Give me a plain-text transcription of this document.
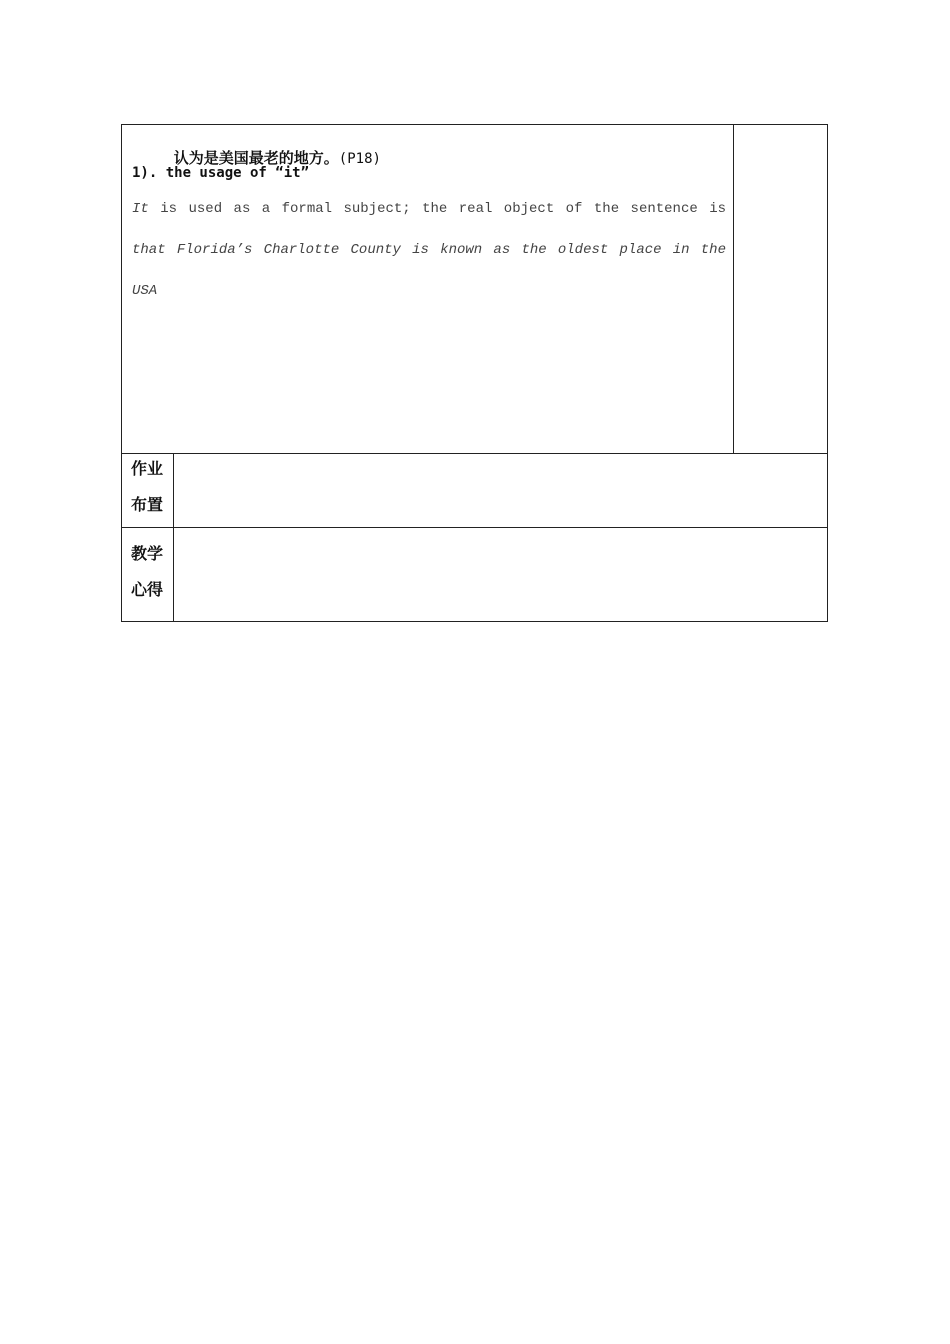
认为是美国最老的地方。(P18)

1). the usage of “it”
It is used as a formal subject; the real object of the sentence is
that Florida’s Charlotte County is known as the oldest place in the
USA
作业
布置
教学
心得
